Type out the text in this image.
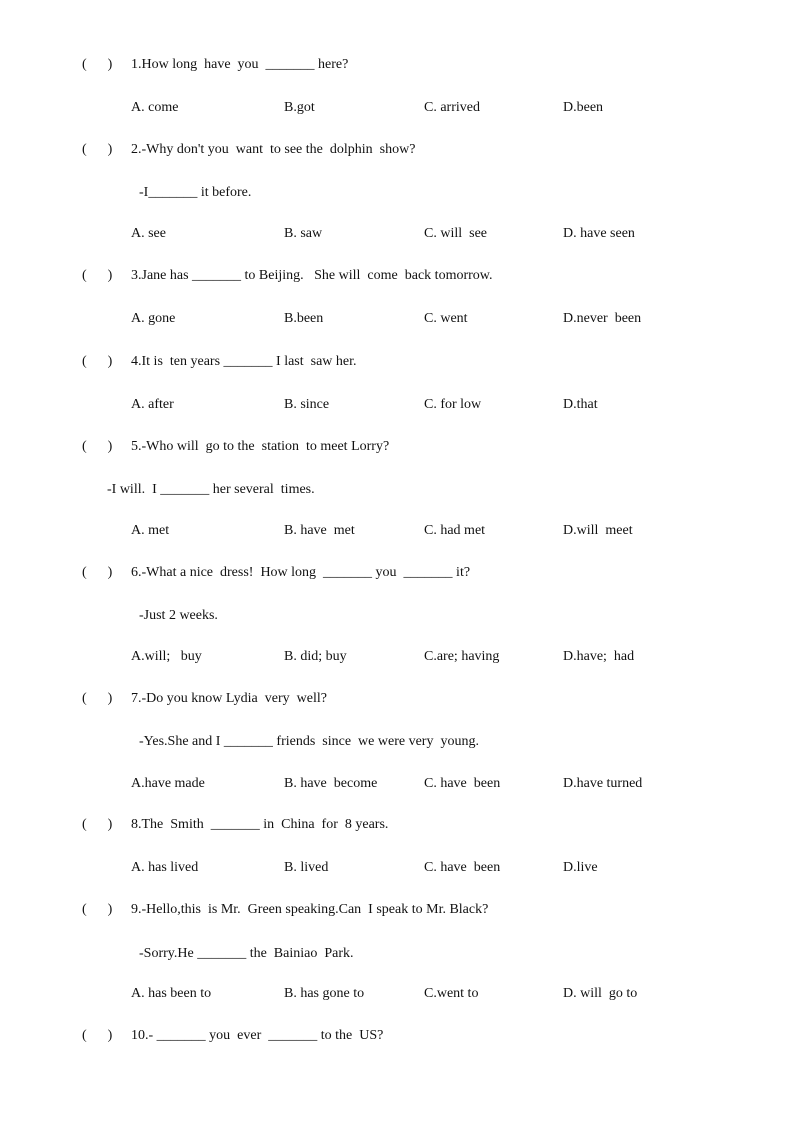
(      ) 1.How long  have  you  _______ here?
A. come	B.got	C. arrived	D.been
(      ) 2.-Why don't you  want  to see the  dolphin  show?
-I_______ it before.
A. see	B. saw	C. will  see	D. have seen
(      ) 3.Jane has _______ to Beijing.   She will  come  back tomorrow.
A. gone	B.been	C. went	D.never  been
(      ) 4.It is  ten years _______ I last  saw her.
A. after	B. since	C. for low	D.that
(      ) 5.-Who will  go to the  station  to meet Lorry?
-I will.  I _______ her several  times.
A. met	B. have  met	C. had met	D.will  meet
(      ) 6.-What a nice  dress!  How long  _______ you  _______ it?
-Just 2 weeks.
A.will;   buy	B. did; buy	C.are; having	D.have;  had
(      ) 7.-Do you know Lydia  very  well?
-Yes.She and I _______ friends  since  we were very  young.
A.have made	B. have  become	C. have  been	D.have turned
(      ) 8.The  Smith  _______ in  China  for  8 years.
A. has lived	B. lived	C. have  been	D.live
(      ) 9.-Hello,this  is Mr.  Green speaking.Can  I speak to Mr. Black?
-Sorry.He _______ the  Bainiao  Park.
A. has been to	B. has gone to	C.went to	D. will  go to
(      ) 10.- _______ you  ever  _______ to the  US?
